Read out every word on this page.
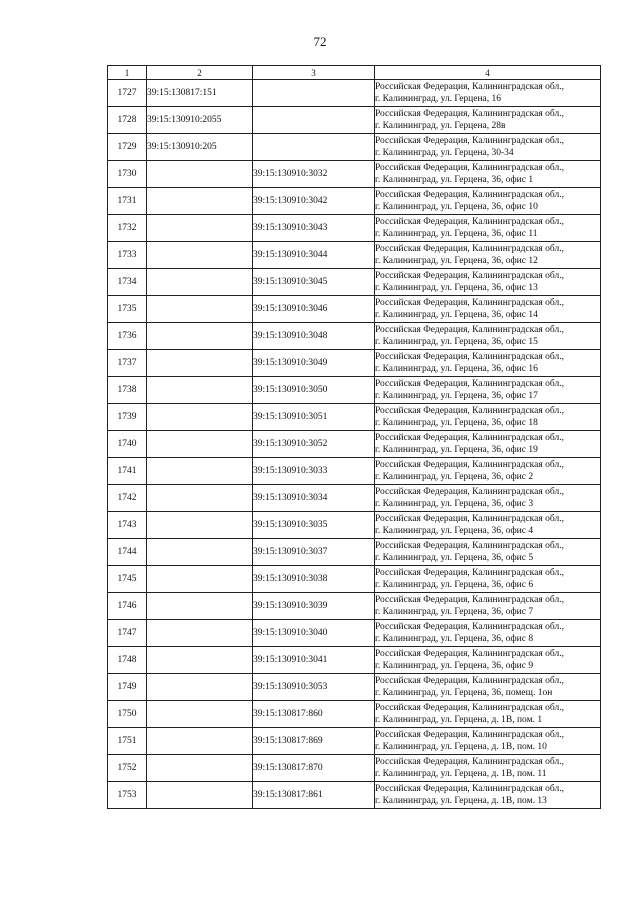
72
1	2	3	4
1727	39:15:130817:151		Российская Федерация, Калининградская обл.,
г. Калининград, ул. Герцена, 16

1728	39:15:130910:2055		Российская Федерация, Калининградская обл.,
г. Калининград, ул. Герцена, 28в

1729	39:15:130910:205		Российская Федерация, Калининградская обл.,
г. Калининград, ул. Герцена, 30-34

1730		39:15:130910:3032	Российская Федерация, Калининградская обл.,
г. Калининград, ул. Герцена, 36, офис 1

1731		39:15:130910:3042	Российская Федерация, Калининградская обл.,
г. Калининград, ул. Герцена, 36, офис 10

1732		39:15:130910:3043	Российская Федерация, Калининградская обл.,
г. Калининград, ул. Герцена, 36, офис 11

1733		39:15:130910:3044	Российская Федерация, Калининградская обл.,
г. Калининград, ул. Герцена, 36, офис 12

1734		39:15:130910:3045	Российская Федерация, Калининградская обл.,
г. Калининград, ул. Герцена, 36, офис 13

1735		39:15:130910:3046	Российская Федерация, Калининградская обл.,
г. Калининград, ул. Герцена, 36, офис 14

1736		39:15:130910:3048	Российская Федерация, Калининградская обл.,
г. Калининград, ул. Герцена, 36, офис 15

1737		39:15:130910:3049	Российская Федерация, Калининградская обл.,
г. Калининград, ул. Герцена, 36, офис 16

1738		39:15:130910:3050	Российская Федерация, Калининградская обл.,
г. Калининград, ул. Герцена, 36, офис 17

1739		39:15:130910:3051	Российская Федерация, Калининградская обл.,
г. Калининград, ул. Герцена, 36, офис 18

1740		39:15:130910:3052	Российская Федерация, Калининградская обл.,
г. Калининград, ул. Герцена, 36, офис 19

1741		39:15:130910:3033	Российская Федерация, Калининградская обл.,
г. Калининград, ул. Герцена, 36, офис 2

1742		39:15:130910:3034	Российская Федерация, Калининградская обл.,
г. Калининград, ул. Герцена, 36, офис 3

1743		39:15:130910:3035	Российская Федерация, Калининградская обл.,
г. Калининград, ул. Герцена, 36, офис 4

1744		39:15:130910:3037	Российская Федерация, Калининградская обл.,
г. Калининград, ул. Герцена, 36, офис 5

1745		39:15:130910:3038	Российская Федерация, Калининградская обл.,
г. Калининград, ул. Герцена, 36, офис 6

1746		39:15:130910:3039	Российская Федерация, Калининградская обл.,
г. Калининград, ул. Герцена, 36, офис 7

1747		39:15:130910:3040	Российская Федерация, Калининградская обл.,
г. Калининград, ул. Герцена, 36, офис 8

1748		39:15:130910:3041	Российская Федерация, Калининградская обл.,
г. Калининград, ул. Герцена, 36, офис 9

1749		39:15:130910:3053	Российская Федерация, Калининградская обл.,
г. Калининград, ул. Герцена, 36, помещ. 1он

1750		39:15:130817:860	Российская Федерация, Калининградская обл.,
г. Калининград, ул. Герцена, д. 1В, пом. 1

1751		39:15:130817:869	Российская Федерация, Калининградская обл.,
г. Калининград, ул. Герцена, д. 1В, пом. 10

1752		39:15:130817:870	Российская Федерация, Калининградская обл.,
г. Калининград, ул. Герцена, д. 1В, пом. 11

1753		39:15:130817:861	Российская Федерация, Калининградская обл.,
г. Калининград, ул. Герцена, д. 1В, пом. 13
